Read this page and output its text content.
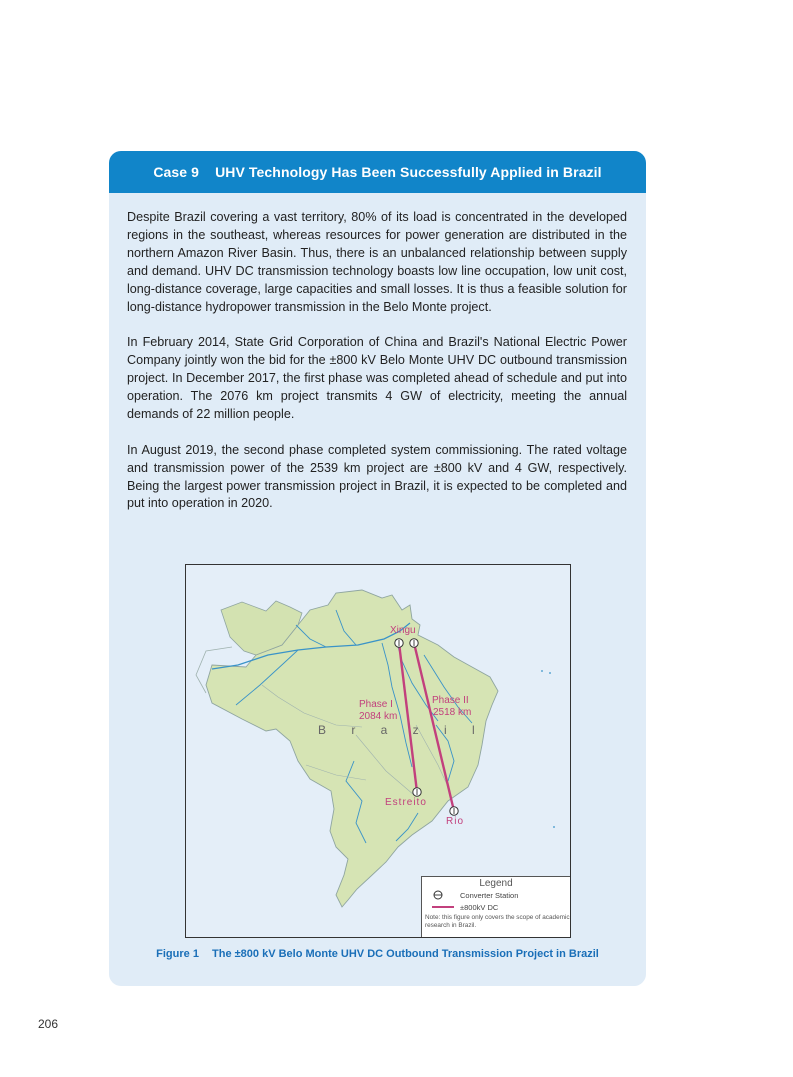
Case 9 UHV Technology Has Been Successfully Applied in Brazil

Despite Brazil covering a vast territory, 80% of its load is concentrated in the developed regions in the southeast, whereas resources for power generation are distributed in the northern Amazon River Basin. Thus, there is an unbalanced relationship between supply and demand. UHV DC transmission technology boasts low line occupation, low unit cost, long-distance coverage, large capacities and small losses. It is thus a feasible solution for long-distance hydropower transmission in the Belo Monte project.

In February 2014, State Grid Corporation of China and Brazil's National Electric Power Company jointly won the bid for the ±800 kV Belo Monte UHV DC outbound transmission project. In December 2017, the first phase was completed ahead of schedule and put into operation. The 2076 km project transmits 4 GW of electricity, meeting the annual demands of 22 million people.

In August 2019, the second phase completed system commissioning. The rated voltage and transmission power of the 2539 km project are ±800 kV and 4 GW, respectively. Being the largest power transmission project in Brazil, it is expected to be completed and put into operation in 2020.

Xingu
Estreito
Rio
Phase I
2084 km
Phase II
2518 km
B r a z i l
Legend
Converter Station
±800kV DC
Note: this figure only covers the scope of academic research in Brazil.
Figure 1 The ±800 kV Belo Monte UHV DC Outbound Transmission Project in Brazil
206
